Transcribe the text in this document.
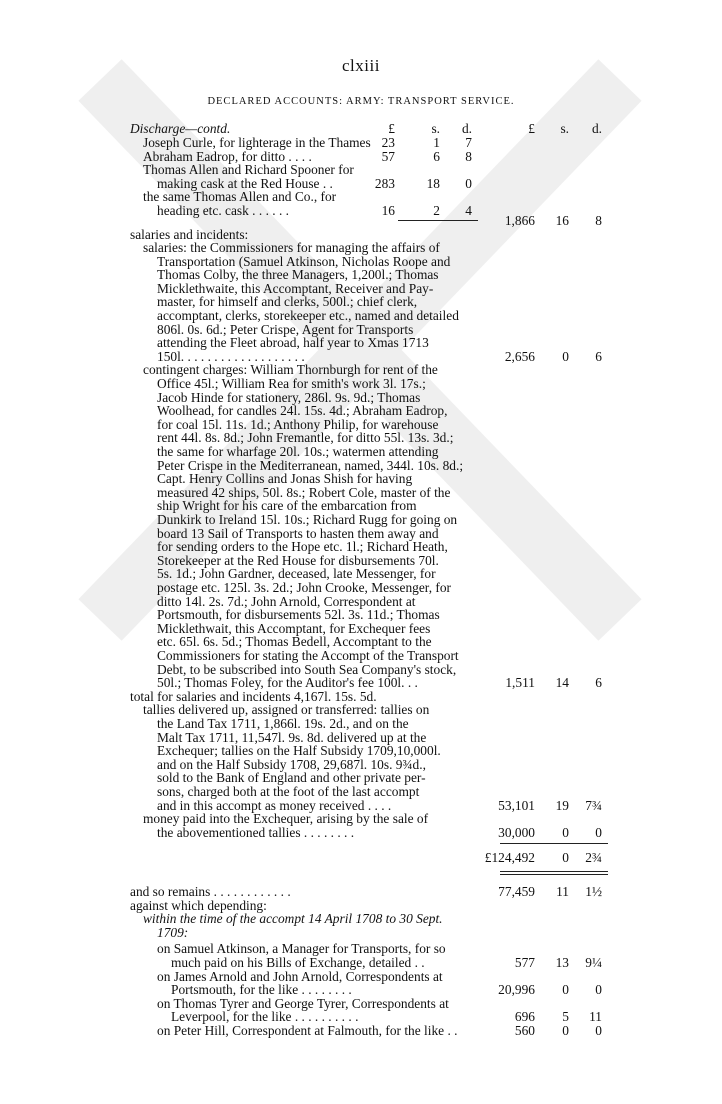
clxiii
DECLARED ACCOUNTS: ARMY: TRANSPORT SERVICE.
£	s.	d.	£	s.	d.
Discharge—contd.
Joseph Curle, for lighterage in the Thames 23	1	7
Abraham Eadrop, for ditto . . . .	57	6	8
Thomas Allen and Richard Spooner for
making cask at the Red House . .	283	18	0
the same Thomas Allen and Co., for
heading etc. cask . . . . . .	16	2	4
1,866	16	8
salaries and incidents:
salaries: the Commissioners for managing the affairs of
Transportation (Samuel Atkinson, Nicholas Roope and
Thomas Colby, the three Managers, 1,200l.; Thomas
Micklethwaite, this Accomptant, Receiver and Pay-
master, for himself and clerks, 500l.; chief clerk,
accomptant, clerks, storekeeper etc., named and detailed
806l. 0s. 6d.; Peter Crispe, Agent for Transports
attending the Fleet abroad, half year to Xmas 1713
150l. . . . . . . . . . . . . . . . . . .	2,656	0	6
contingent charges: William Thornburgh for rent of the
Office 45l.; William Rea for smith's work 3l. 17s.;
Jacob Hinde for stationery, 286l. 9s. 9d.; Thomas
Woolhead, for candles 24l. 15s. 4d.; Abraham Eadrop,
for coal 15l. 11s. 1d.; Anthony Philip, for warehouse
rent 44l. 8s. 8d.; John Fremantle, for ditto 55l. 13s. 3d.;
the same for wharfage 20l. 10s.; watermen attending
Peter Crispe in the Mediterranean, named, 344l. 10s. 8d.;
Capt. Henry Collins and Jonas Shish for having
measured 42 ships, 50l. 8s.; Robert Cole, master of the
ship Wright for his care of the embarcation from
Dunkirk to Ireland 15l. 10s.; Richard Rugg for going on
board 13 Sail of Transports to hasten them away and
for sending orders to the Hope etc. 1l.; Richard Heath,
Storekeeper at the Red House for disbursements 70l.
5s. 1d.; John Gardner, deceased, late Messenger, for
postage etc. 125l. 3s. 2d.; John Crooke, Messenger, for
ditto 14l. 2s. 7d.; John Arnold, Correspondent at
Portsmouth, for disbursements 52l. 3s. 11d.; Thomas
Micklethwait, this Accomptant, for Exchequer fees
etc. 65l. 6s. 5d.; Thomas Bedell, Accomptant to the
Commissioners for stating the Accompt of the Transport
Debt, to be subscribed into South Sea Company's stock,
50l.; Thomas Foley, for the Auditor's fee 100l. . .	1,511	14	6
total for salaries and incidents 4,167l. 15s. 5d.
tallies delivered up, assigned or transferred: tallies on
the Land Tax 1711, 1,866l. 19s. 2d., and on the
Malt Tax 1711, 11,547l. 9s. 8d. delivered up at the
Exchequer; tallies on the Half Subsidy 1709,10,000l.
and on the Half Subsidy 1708, 29,687l. 10s. 9¾d.,
sold to the Bank of England and other private per-
sons, charged both at the foot of the last accompt
and in this accompt as money received . . . .	53,101	19 7¾
money paid into the Exchequer, arising by the sale of
the abovementioned tallies . . . . . . . .	30,000	0	0
£124,492	0 2¾
and so remains . . . . . . . . . . . .	77,459	11 1½
against which depending:
within the time of the accompt 14 April 1708 to 30 Sept.
1709:
on Samuel Atkinson, a Manager for Transports, for so
much paid on his Bills of Exchange, detailed . .	577	13 9¼
on James Arnold and John Arnold, Correspondents at
Portsmouth, for the like . . . . . . . .	20,996	0	0
on Thomas Tyrer and George Tyrer, Correspondents at
Leverpool, for the like . . . . . . . . . .	696	5	11
on Peter Hill, Correspondent at Falmouth, for the like . .	560	0	0
